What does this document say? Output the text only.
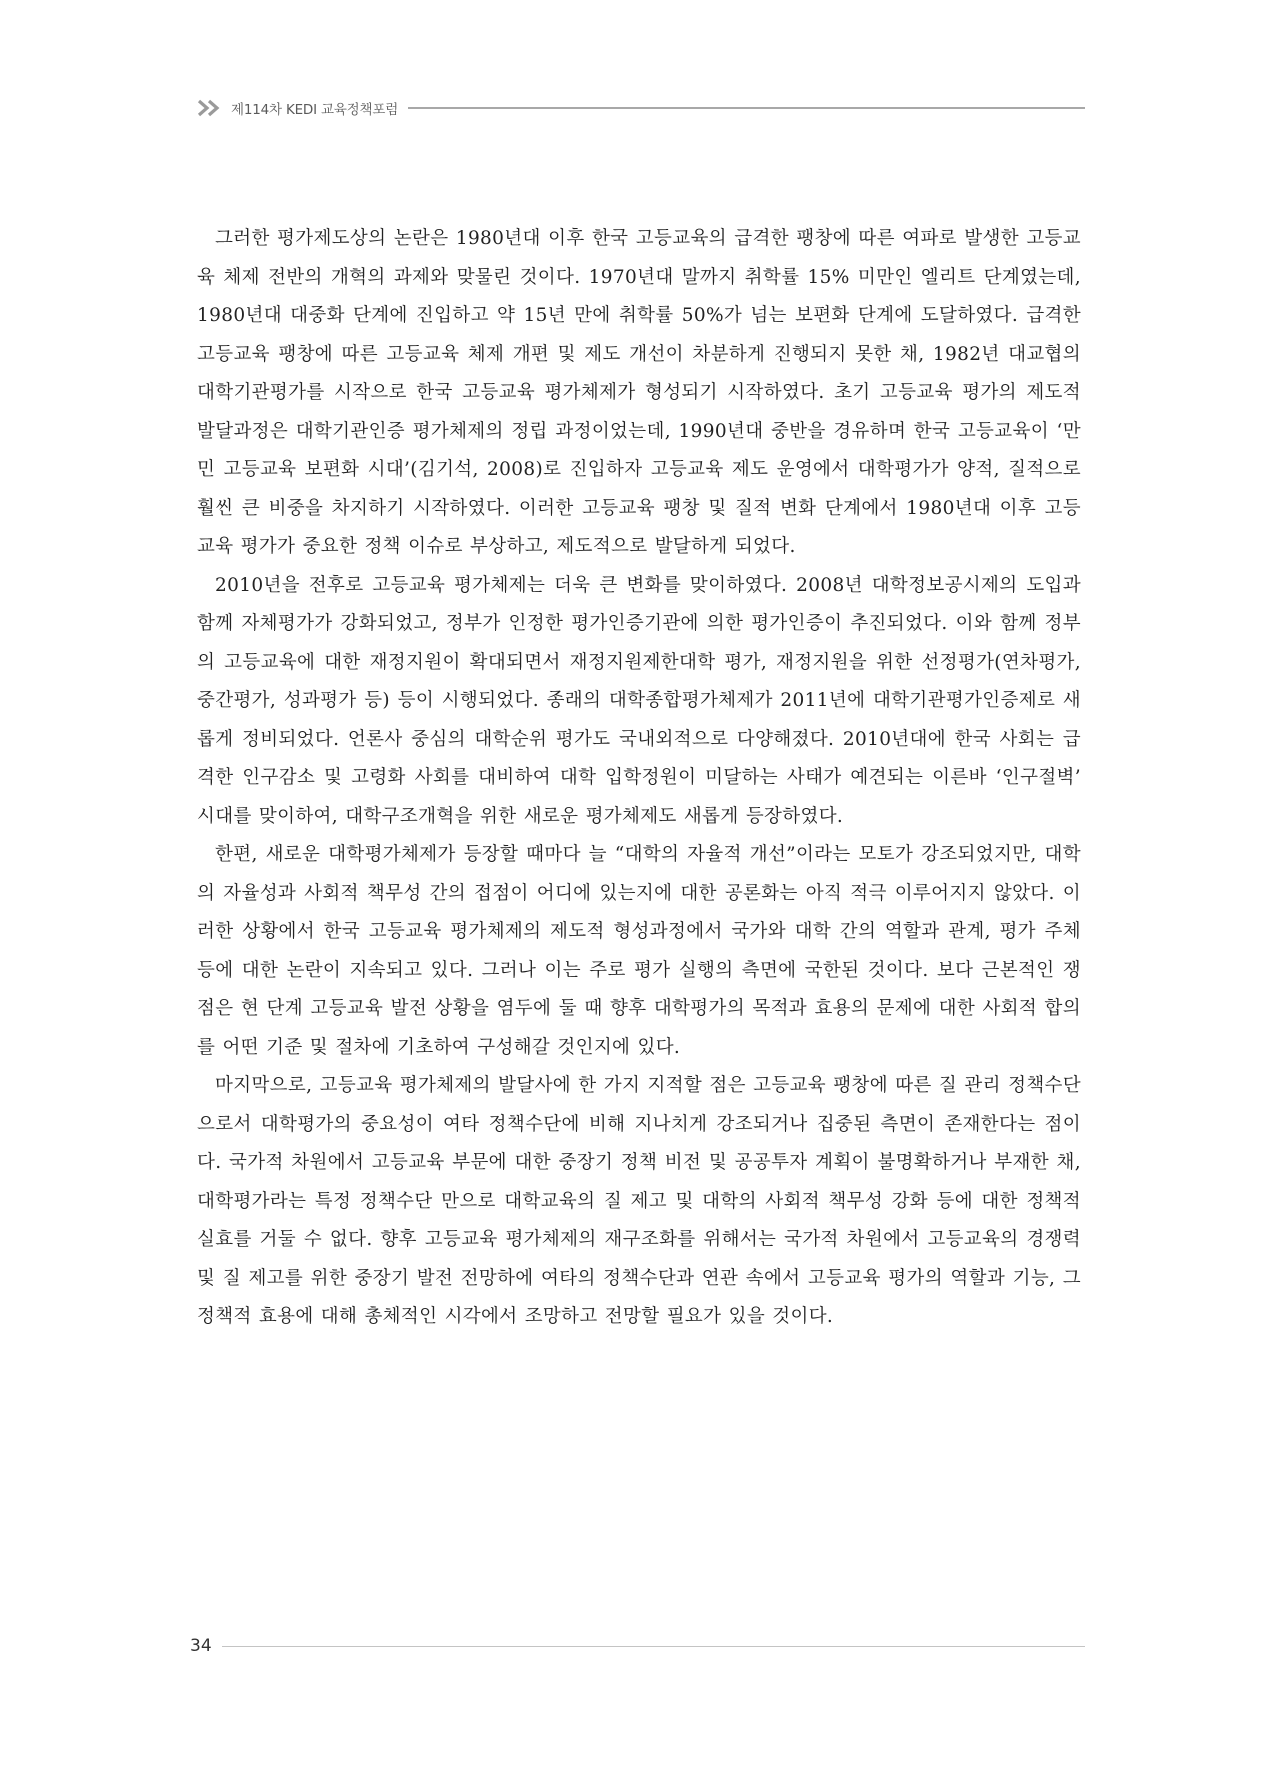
제114차 KEDI 교육정책포럼

그러한 평가제도상의 논란은 1980년대 이후 한국 고등교육의 급격한 팽창에 따른 여파로 발생한 고등교육 체제 전반의 개혁의 과제와 맞물린 것이다. 1970년대 말까지 취학률 15% 미만인 엘리트 단계였는데, 1980년대 대중화 단계에 진입하고 약 15년 만에 취학률 50%가 넘는 보편화 단계에 도달하였다. 급격한 고등교육 팽창에 따른 고등교육 체제 개편 및 제도 개선이 차분하게 진행되지 못한 채, 1982년 대교협의 대학기관평가를 시작으로 한국 고등교육 평가체제가 형성되기 시작하였다. 초기 고등교육 평가의 제도적 발달과정은 대학기관인증 평가체제의 정립 과정이었는데, 1990년대 중반을 경유하며 한국 고등교육이 ‘만민 고등교육 보편화 시대’(김기석, 2008)로 진입하자 고등교육 제도 운영에서 대학평가가 양적, 질적으로 훨씬 큰 비중을 차지하기 시작하였다. 이러한 고등교육 팽창 및 질적 변화 단계에서 1980년대 이후 고등교육 평가가 중요한 정책 이슈로 부상하고, 제도적으로 발달하게 되었다.

2010년을 전후로 고등교육 평가체제는 더욱 큰 변화를 맞이하였다. 2008년 대학정보공시제의 도입과 함께 자체평가가 강화되었고, 정부가 인정한 평가인증기관에 의한 평가인증이 추진되었다. 이와 함께 정부의 고등교육에 대한 재정지원이 확대되면서 재정지원제한대학 평가, 재정지원을 위한 선정평가(연차평가, 중간평가, 성과평가 등) 등이 시행되었다. 종래의 대학종합평가체제가 2011년에 대학기관평가인증제로 새롭게 정비되었다. 언론사 중심의 대학순위 평가도 국내외적으로 다양해졌다. 2010년대에 한국 사회는 급격한 인구감소 및 고령화 사회를 대비하여 대학 입학정원이 미달하는 사태가 예견되는 이른바 ‘인구절벽’ 시대를 맞이하여, 대학구조개혁을 위한 새로운 평가체제도 새롭게 등장하였다.

한편, 새로운 대학평가체제가 등장할 때마다 늘 “대학의 자율적 개선”이라는 모토가 강조되었지만, 대학의 자율성과 사회적 책무성 간의 접점이 어디에 있는지에 대한 공론화는 아직 적극 이루어지지 않았다. 이러한 상황에서 한국 고등교육 평가체제의 제도적 형성과정에서 국가와 대학 간의 역할과 관계, 평가 주체 등에 대한 논란이 지속되고 있다. 그러나 이는 주로 평가 실행의 측면에 국한된 것이다. 보다 근본적인 쟁점은 현 단계 고등교육 발전 상황을 염두에 둘 때 향후 대학평가의 목적과 효용의 문제에 대한 사회적 합의를 어떤 기준 및 절차에 기초하여 구성해갈 것인지에 있다.

마지막으로, 고등교육 평가체제의 발달사에 한 가지 지적할 점은 고등교육 팽창에 따른 질 관리 정책수단으로서 대학평가의 중요성이 여타 정책수단에 비해 지나치게 강조되거나 집중된 측면이 존재한다는 점이다. 국가적 차원에서 고등교육 부문에 대한 중장기 정책 비전 및 공공투자 계획이 불명확하거나 부재한 채, 대학평가라는 특정 정책수단 만으로 대학교육의 질 제고 및 대학의 사회적 책무성 강화 등에 대한 정책적 실효를 거둘 수 없다. 향후 고등교육 평가체제의 재구조화를 위해서는 국가적 차원에서 고등교육의 경쟁력 및 질 제고를 위한 중장기 발전 전망하에 여타의 정책수단과 연관 속에서 고등교육 평가의 역할과 기능, 그 정책적 효용에 대해 총체적인 시각에서 조망하고 전망할 필요가 있을 것이다.

34
